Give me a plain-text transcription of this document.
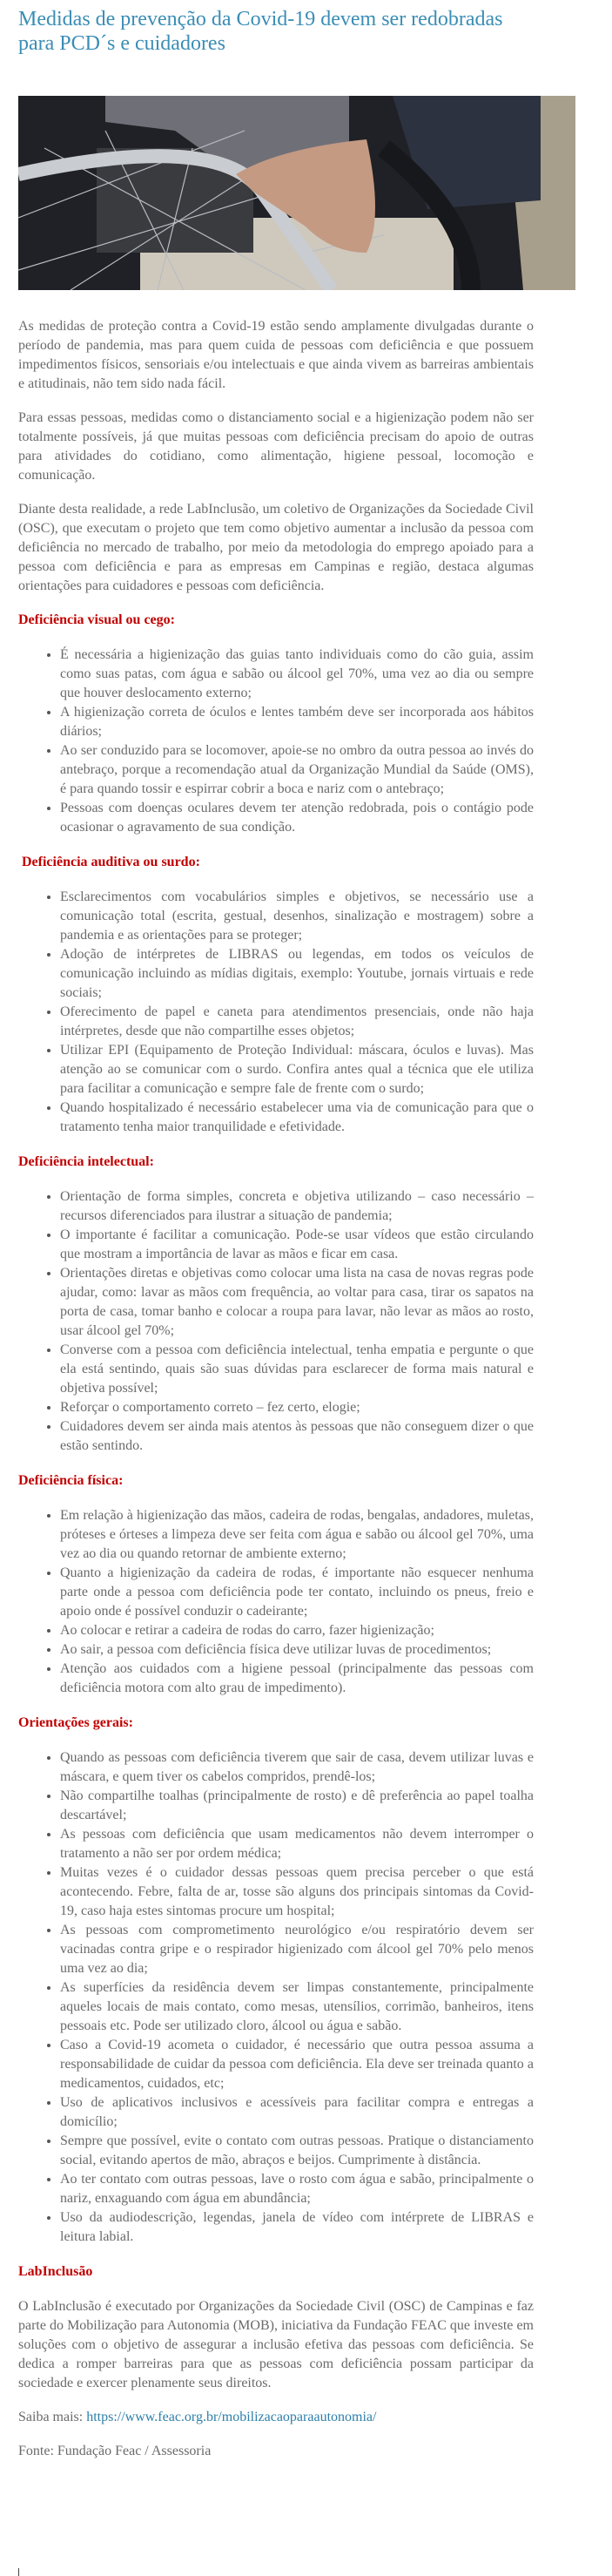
Medidas de prevenção da Covid-19 devem ser redobradas para PCD´s e cuidadores

As medidas de proteção contra a Covid-19 estão sendo amplamente divulgadas durante o período de pandemia, mas para quem cuida de pessoas com deficiência e que possuem impedimentos físicos, sensoriais e/ou intelectuais e que ainda vivem as barreiras ambientais e atitudinais, não tem sido nada fácil.

Para essas pessoas, medidas como o distanciamento social e a higienização podem não ser totalmente possíveis, já que muitas pessoas com deficiência precisam do apoio de outras para atividades do cotidiano, como alimentação, higiene pessoal, locomoção e comunicação.

Diante desta realidade, a rede LabInclusão, um coletivo de Organizações da Sociedade Civil (OSC), que executam o projeto que tem como objetivo aumentar a inclusão da pessoa com deficiência no mercado de trabalho, por meio da metodologia do emprego apoiado para a pessoa com deficiência e para as empresas em Campinas e região, destaca algumas orientações para cuidadores e pessoas com deficiência.

Deficiência visual ou cego:
• É necessária a higienização das guias tanto individuais como do cão guia, assim como suas patas, com água e sabão ou álcool gel 70%, uma vez ao dia ou sempre que houver deslocamento externo;
• A higienização correta de óculos e lentes também deve ser incorporada aos hábitos diários;
• Ao ser conduzido para se locomover, apoie-se no ombro da outra pessoa ao invés do antebraço, porque a recomendação atual da Organização Mundial da Saúde (OMS), é para quando tossir e espirrar cobrir a boca e nariz com o antebraço;
• Pessoas com doenças oculares devem ter atenção redobrada, pois o contágio pode ocasionar o agravamento de sua condição.
Deficiência auditiva ou surdo:
• Esclarecimentos com vocabulários simples e objetivos, se necessário use a comunicação total (escrita, gestual, desenhos, sinalização e mostragem) sobre a pandemia e as orientações para se proteger;
• Adoção de intérpretes de LIBRAS ou legendas, em todos os veículos de comunicação incluindo as mídias digitais, exemplo: Youtube, jornais virtuais e rede sociais;
• Oferecimento de papel e caneta para atendimentos presenciais, onde não haja intérpretes, desde que não compartilhe esses objetos;
• Utilizar EPI (Equipamento de Proteção Individual: máscara, óculos e luvas). Mas atenção ao se comunicar com o surdo. Confira antes qual a técnica que ele utiliza para facilitar a comunicação e sempre fale de frente com o surdo;
• Quando hospitalizado é necessário estabelecer uma via de comunicação para que o tratamento tenha maior tranquilidade e efetividade.
Deficiência intelectual:
• Orientação de forma simples, concreta e objetiva utilizando – caso necessário – recursos diferenciados para ilustrar a situação de pandemia;
• O importante é facilitar a comunicação. Pode-se usar vídeos que estão circulando que mostram a importância de lavar as mãos e ficar em casa.
• Orientações diretas e objetivas como colocar uma lista na casa de novas regras pode ajudar, como: lavar as mãos com frequência, ao voltar para casa, tirar os sapatos na porta de casa, tomar banho e colocar a roupa para lavar, não levar as mãos ao rosto, usar álcool gel 70%;
• Converse com a pessoa com deficiência intelectual, tenha empatia e pergunte o que ela está sentindo, quais são suas dúvidas para esclarecer de forma mais natural e objetiva possível;
• Reforçar o comportamento correto – fez certo, elogie;
• Cuidadores devem ser ainda mais atentos às pessoas que não conseguem dizer o que estão sentindo.
Deficiência física:
• Em relação à higienização das mãos, cadeira de rodas, bengalas, andadores, muletas, próteses e órteses a limpeza deve ser feita com água e sabão ou álcool gel 70%, uma vez ao dia ou quando retornar de ambiente externo;
• Quanto a higienização da cadeira de rodas, é importante não esquecer nenhuma parte onde a pessoa com deficiência pode ter contato, incluindo os pneus, freio e apoio onde é possível conduzir o cadeirante;
• Ao colocar e retirar a cadeira de rodas do carro, fazer higienização;
• Ao sair, a pessoa com deficiência física deve utilizar luvas de procedimentos;
• Atenção aos cuidados com a higiene pessoal (principalmente das pessoas com deficiência motora com alto grau de impedimento).
Orientações gerais:
• Quando as pessoas com deficiência tiverem que sair de casa, devem utilizar luvas e máscara, e quem tiver os cabelos compridos, prendê-los;
• Não compartilhe toalhas (principalmente de rosto) e dê preferência ao papel toalha descartável;
• As pessoas com deficiência que usam medicamentos não devem interromper o tratamento a não ser por ordem médica;
• Muitas vezes é o cuidador dessas pessoas quem precisa perceber o que está acontecendo. Febre, falta de ar, tosse são alguns dos principais sintomas da Covid-19, caso haja estes sintomas procure um hospital;
• As pessoas com comprometimento neurológico e/ou respiratório devem ser vacinadas contra gripe e o respirador higienizado com álcool gel 70% pelo menos uma vez ao dia;
• As superfícies da residência devem ser limpas constantemente, principalmente aqueles locais de mais contato, como mesas, utensílios, corrimão, banheiros, itens pessoais etc. Pode ser utilizado cloro, álcool ou água e sabão.
• Caso a Covid-19 acometa o cuidador, é necessário que outra pessoa assuma a responsabilidade de cuidar da pessoa com deficiência. Ela deve ser treinada quanto a medicamentos, cuidados, etc;
• Uso de aplicativos inclusivos e acessíveis para facilitar compra e entregas a domicílio;
• Sempre que possível, evite o contato com outras pessoas. Pratique o distanciamento social, evitando apertos de mão, abraços e beijos. Cumprimente à distância.
• Ao ter contato com outras pessoas, lave o rosto com água e sabão, principalmente o nariz, enxaguando com água em abundância;
• Uso da audiodescrição, legendas, janela de vídeo com intérprete de LIBRAS e leitura labial.
LabInclusão

O LabInclusão é executado por Organizações da Sociedade Civil (OSC) de Campinas e faz parte do Mobilização para Autonomia (MOB), iniciativa da Fundação FEAC que investe em soluções com o objetivo de assegurar a inclusão efetiva das pessoas com deficiência. Se dedica a romper barreiras para que as pessoas com deficiência possam participar da sociedade e exercer plenamente seus direitos.

Saiba mais: https://www.feac.org.br/mobilizacaoparaautonomia/

Fonte: Fundação Feac / Assessoria
